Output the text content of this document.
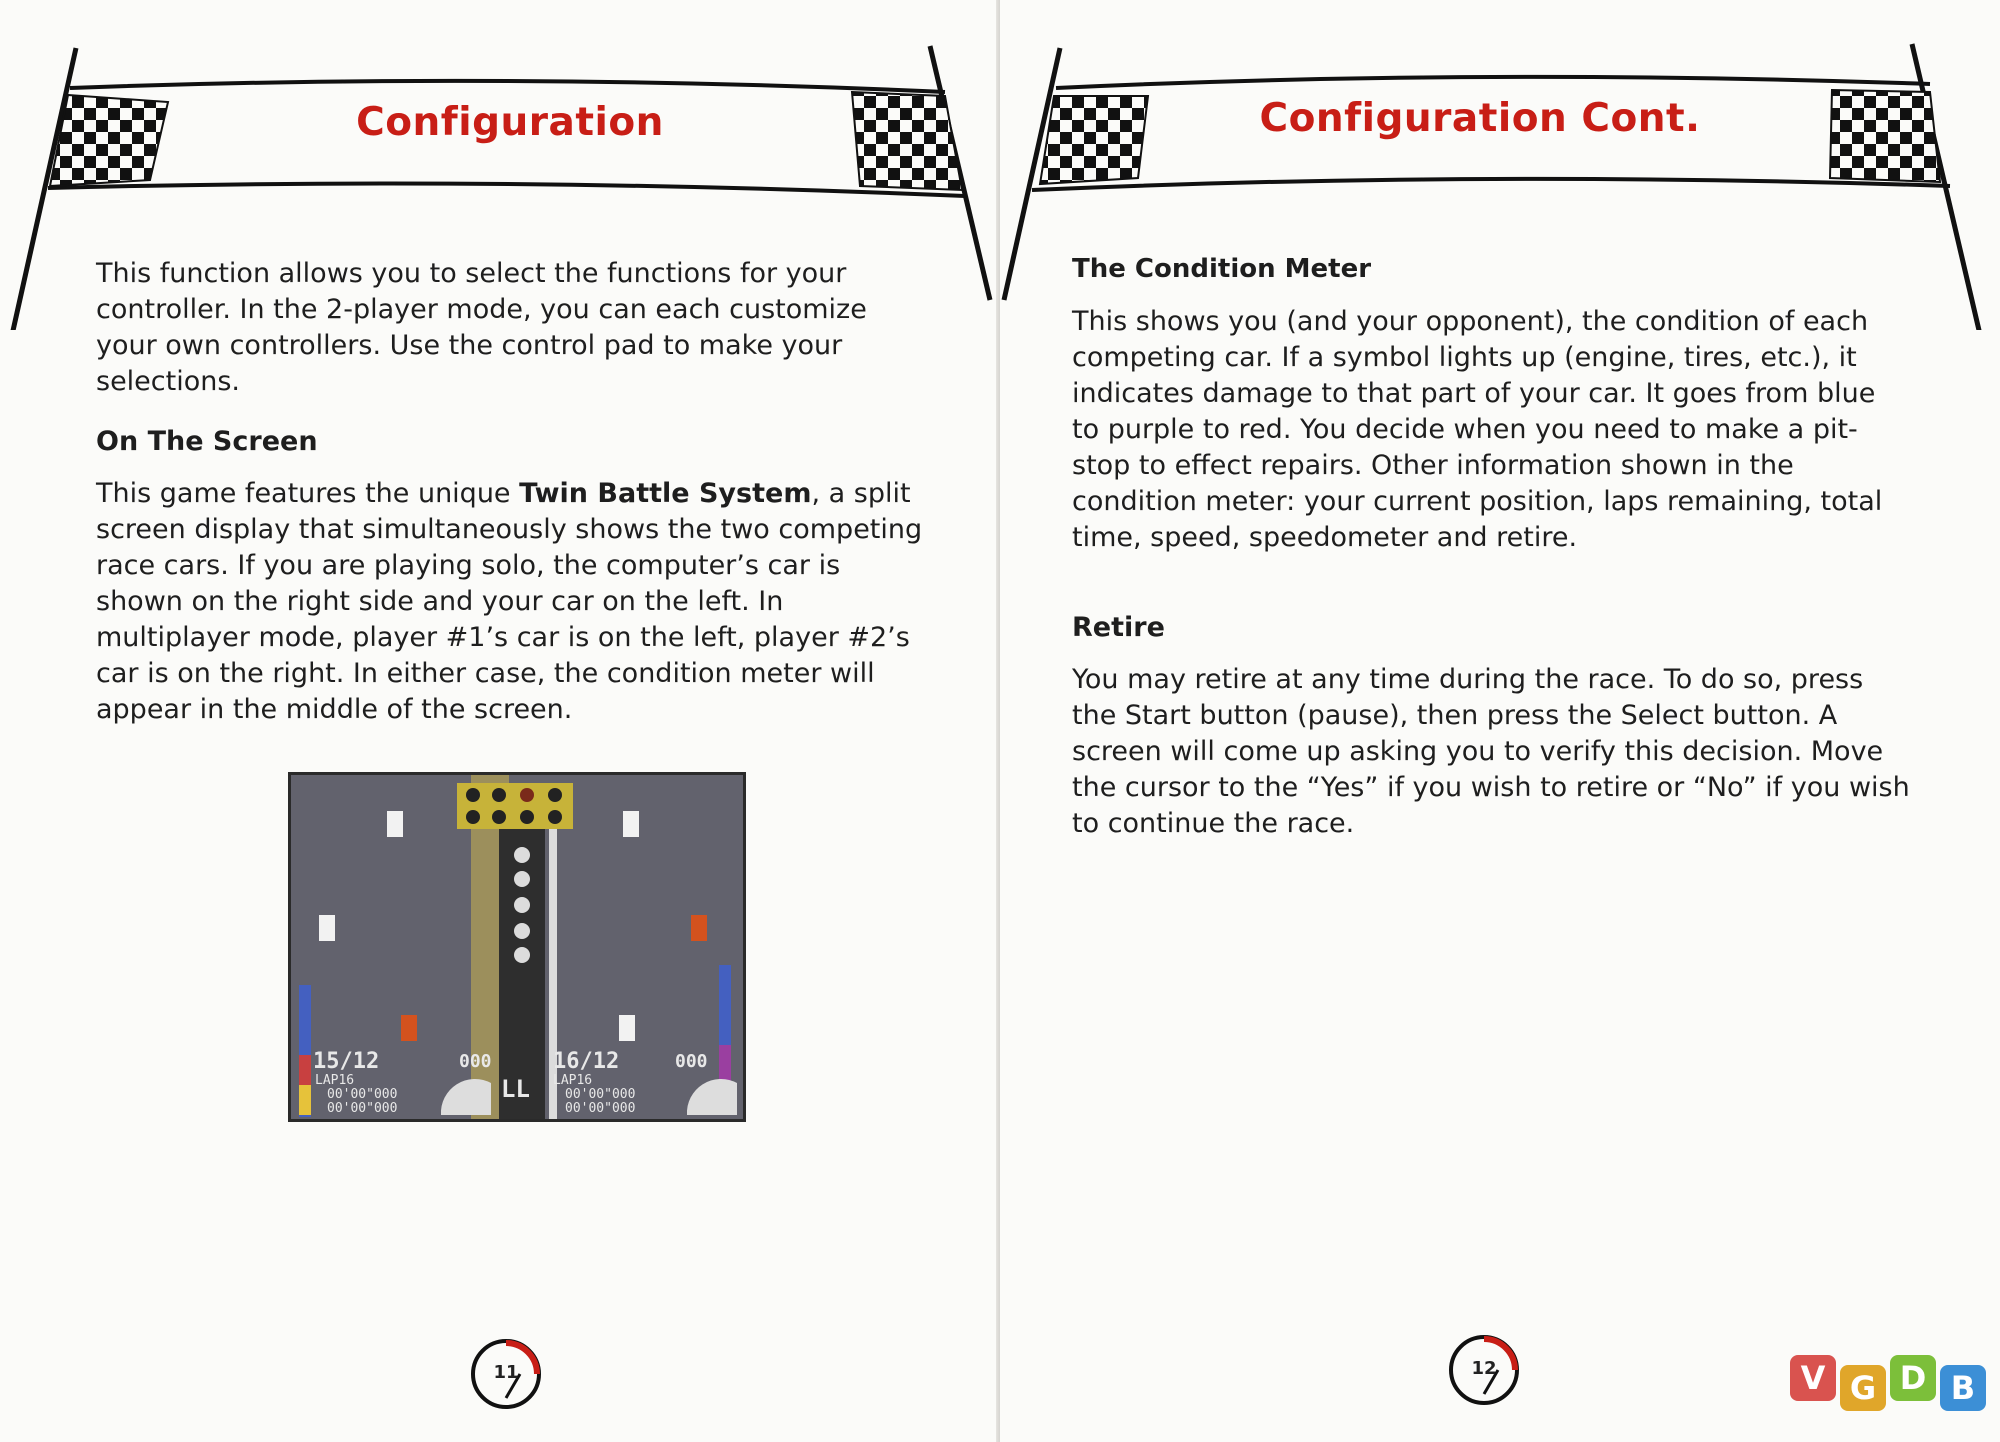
Configuration
This function allows you to select the functions for your controller. In the 2-player mode, you can each customize your own controllers. Use the control pad to make your selections.
On The Screen
This game features the unique Twin Battle System, a split screen display that simultaneously shows the two competing race cars. If you are playing solo, the computer’s car is shown on the right side and your car on the left. In multiplayer mode, player #1’s car is on the left, player #2’s car is on the right. In either case, the condition meter will appear in the middle of the screen.
15/12
LAP16
00'00"000
00'00"000
000
LL
16/12
LAP16
00'00"000
00'00"000
000
11
Configuration Cont.
The Condition Meter
This shows you (and your opponent), the condition of each competing car. If a symbol lights up (engine, tires, etc.), it indicates damage to that part of your car. It goes from blue to purple to red. You decide when you need to make a pit-stop to effect repairs. Other information shown in the condition meter: your current position, laps remaining, total time, speed, speedometer and retire.
Retire
You may retire at any time during the race. To do so, press the Start button (pause), then press the Select button. A screen will come up asking you to verify this decision. Move the cursor to the “Yes” if you wish to retire or “No” if you wish to continue the race.
12	V G D B
